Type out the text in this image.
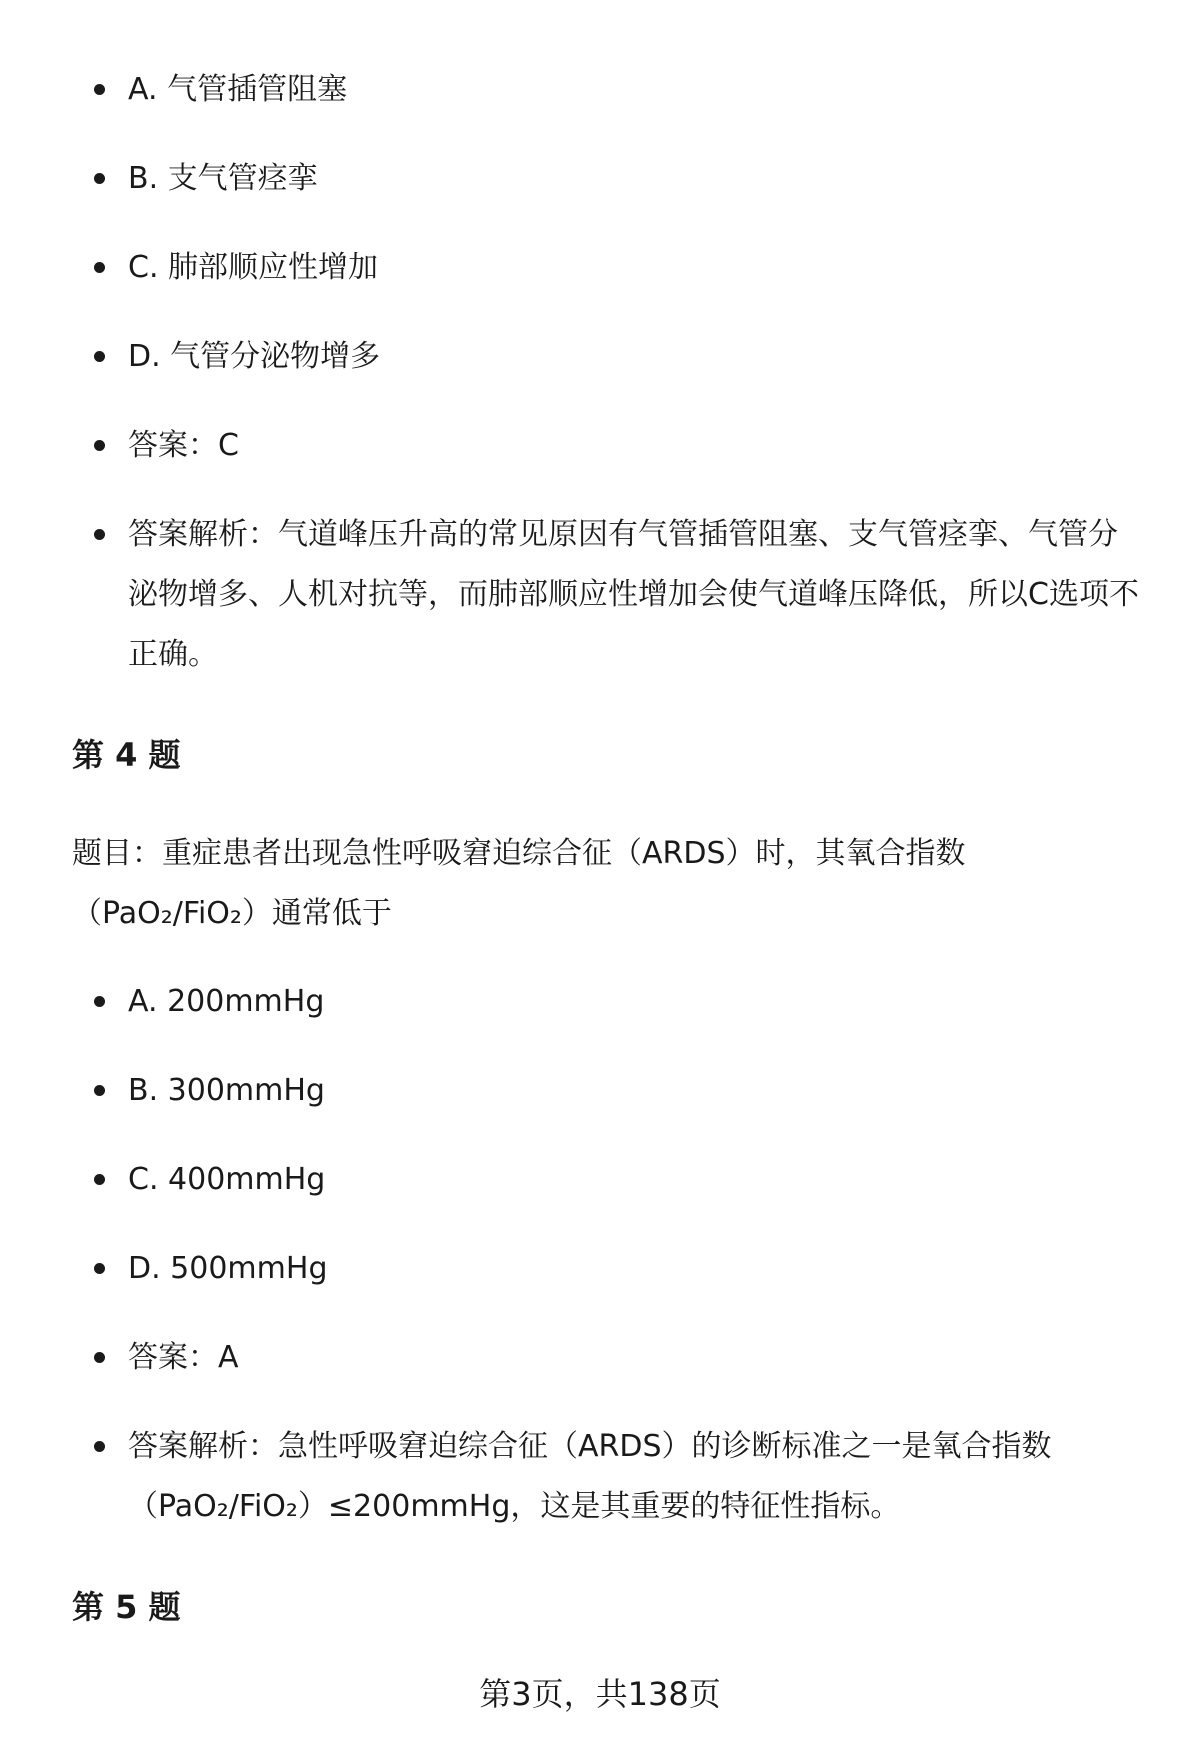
A. 气管插管阻塞
B. 支气管痉挛
C. 肺部顺应性增加
D. 气管分泌物增多
答案：C
答案解析：气道峰压升高的常见原因有气管插管阻塞、支气管痉挛、气管分泌物增多、人机对抗等，而肺部顺应性增加会使气道峰压降低，所以C选项不正确。
第 4 题
题目：重症患者出现急性呼吸窘迫综合征（ARDS）时，其氧合指数（PaO₂/FiO₂）通常低于
A. 200mmHg
B. 300mmHg
C. 400mmHg
D. 500mmHg
答案：A
答案解析：急性呼吸窘迫综合征（ARDS）的诊断标准之一是氧合指数（PaO₂/FiO₂）≤200mmHg，这是其重要的特征性指标。
第 5 题
第3页，共138页
